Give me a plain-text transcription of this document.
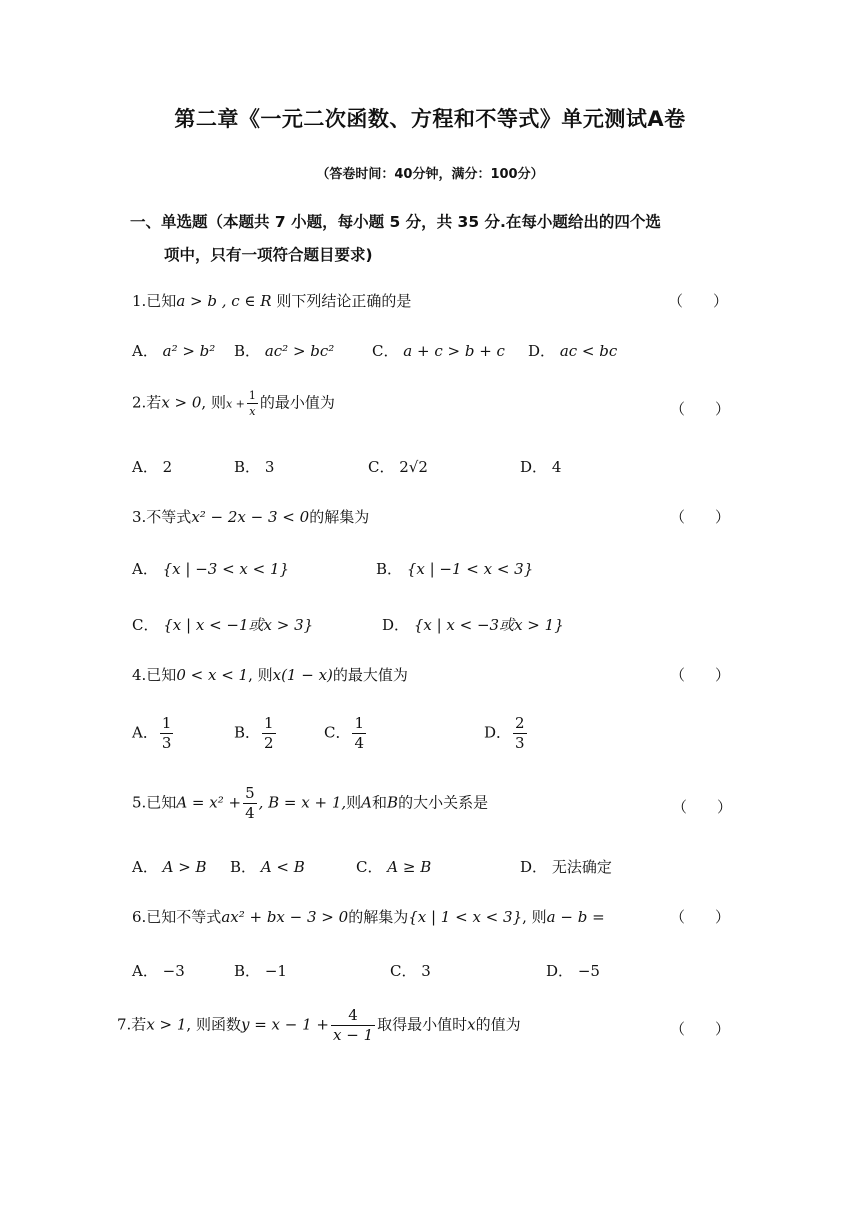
第二章《一元二次函数、方程和不等式》单元测试A卷
（答卷时间：40分钟，满分：100分）
一、单选题（本题共 7 小题，每小题 5 分，共 35 分.在每小题给出的四个选
项中，只有一项符合题目要求)
1.已知a > b , c ∈ R 则下列结论正确的是	（　　）
A． a² > b² B． ac² > bc²	C． a + c > b + c D． ac < bc
2.若x > 0, 则$x + \frac{1}{x}$ 的最小值为	（　　）
A． 2	B． 3	C． 2√2	D． 4
3.不等式x² − 2x − 3 < 0的解集为	（　　）
A． {x | −3 < x < 1}	B． {x | −1 < x < 3}
C． {x | x < −1或x > 3}	D． {x | x < −3或x > 1}
4.已知0 < x < 1, 则x(1 − x)的最大值为	（　　）
A． $\frac{1}{3}$	B． $\frac{1}{2}$	C． $\frac{1}{4}$	D． $\frac{2}{3}$
5.已知$A = x^2 + \frac{5}{4}$ , B = x + 1,则A和B的大小关系是	（　　）
A． A > B B． A < B	C． A ≥ B	D． 无法确定
6.已知不等式ax² + bx − 3 > 0的解集为{x | 1 < x < 3}, 则a − b =	（　　）
A． −3	B． −1	C． 3	D． −5
7.若x > 1, 则函数$y = x - 1 + \frac{4}{x - 1}$ 取得最小值时x的值为	（　　）
